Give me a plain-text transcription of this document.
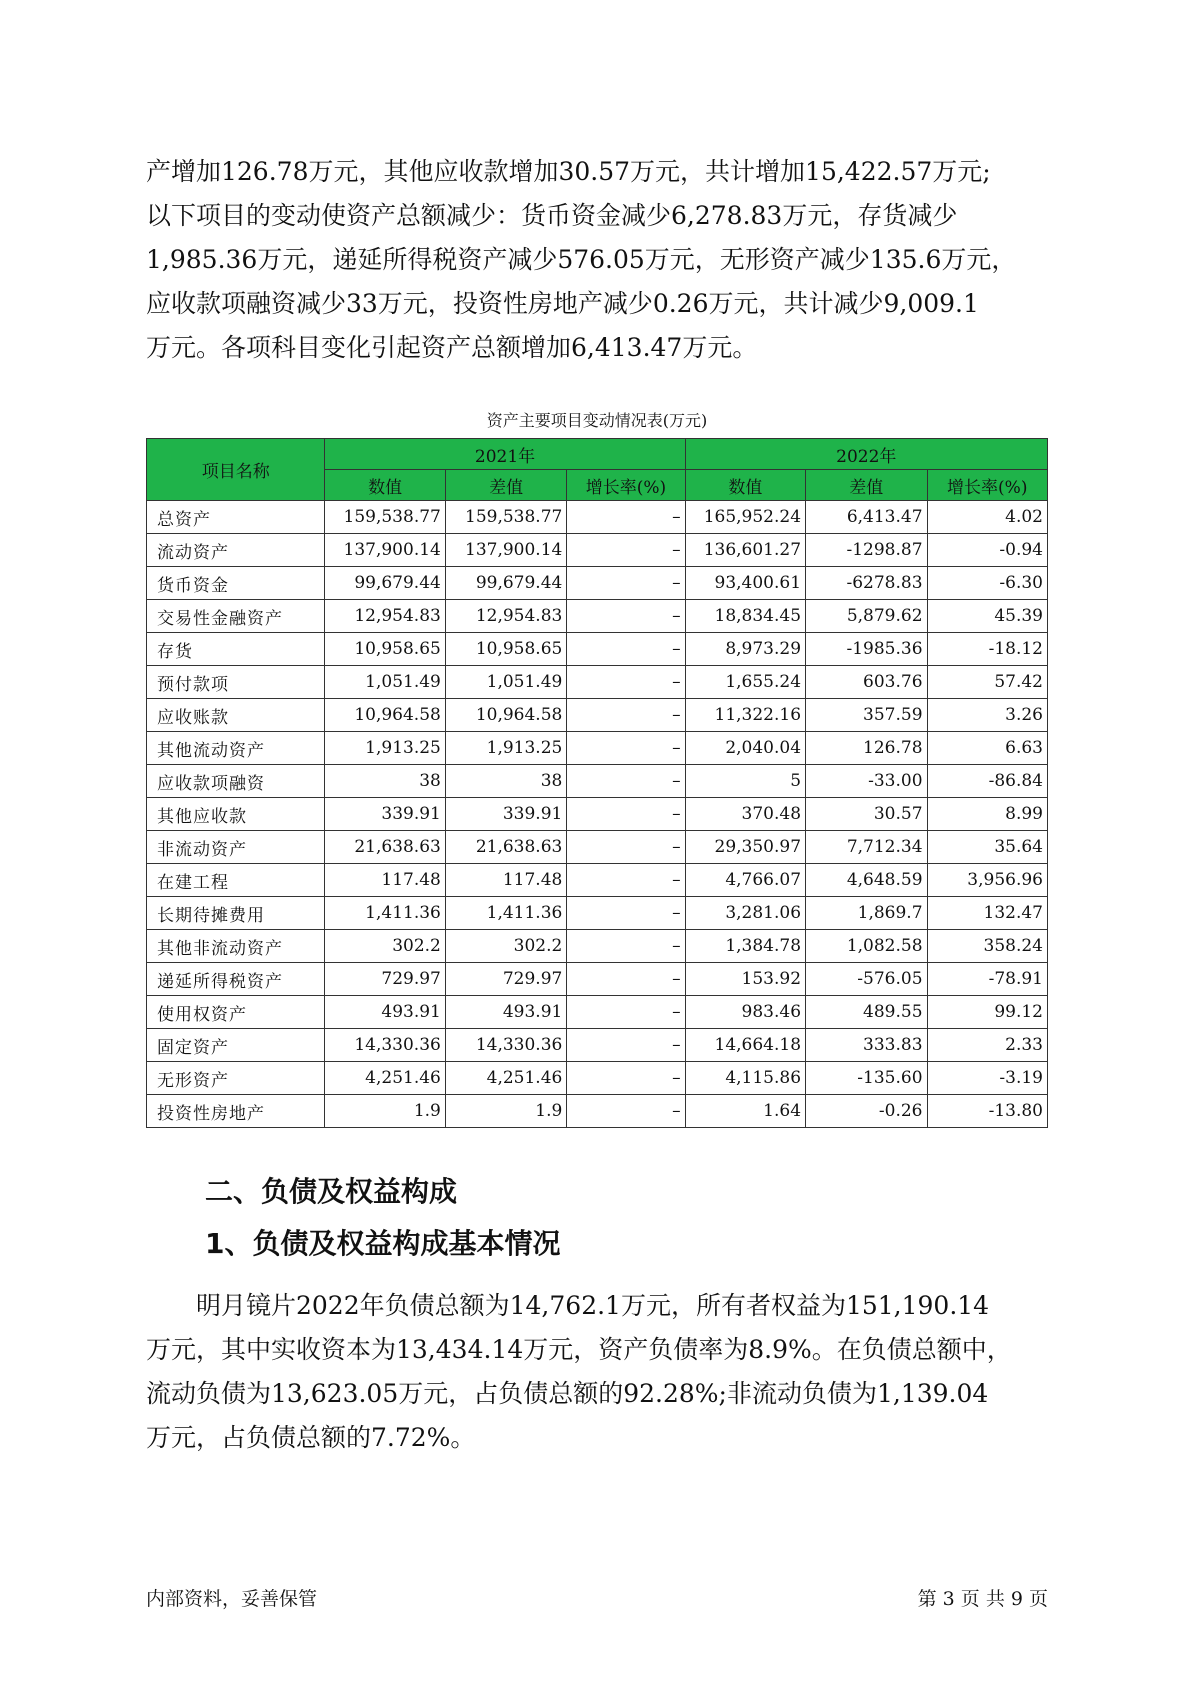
产增加126.78万元，其他应收款增加30.57万元，共计增加15,422.57万元;
以下项目的变动使资产总额减少：货币资金减少6,278.83万元，存货减少
1,985.36万元，递延所得税资产减少576.05万元，无形资产减少135.6万元，
应收款项融资减少33万元，投资性房地产减少0.26万元，共计减少9,009.1
万元。各项科目变化引起资产总额增加6,413.47万元。
资产主要项目变动情况表(万元)
项目名称	2021年			2022年		
	数值	差值	增长率(%)	数值	差值	增长率(%)
总资产	159,538.77	159,538.77	–	165,952.24	6,413.47	4.02
流动资产	137,900.14	137,900.14	–	136,601.27	-1298.87	-0.94
货币资金	99,679.44	99,679.44	–	93,400.61	-6278.83	-6.30
交易性金融资产	12,954.83	12,954.83	–	18,834.45	5,879.62	45.39
存货	10,958.65	10,958.65	–	8,973.29	-1985.36	-18.12
预付款项	1,051.49	1,051.49	–	1,655.24	603.76	57.42
应收账款	10,964.58	10,964.58	–	11,322.16	357.59	3.26
其他流动资产	1,913.25	1,913.25	–	2,040.04	126.78	6.63
应收款项融资	38	38	–	5	-33.00	-86.84
其他应收款	339.91	339.91	–	370.48	30.57	8.99
非流动资产	21,638.63	21,638.63	–	29,350.97	7,712.34	35.64
在建工程	117.48	117.48	–	4,766.07	4,648.59	3,956.96
长期待摊费用	1,411.36	1,411.36	–	3,281.06	1,869.7	132.47
其他非流动资产	302.2	302.2	–	1,384.78	1,082.58	358.24
递延所得税资产	729.97	729.97	–	153.92	-576.05	-78.91
使用权资产	493.91	493.91	–	983.46	489.55	99.12
固定资产	14,330.36	14,330.36	–	14,664.18	333.83	2.33
无形资产	4,251.46	4,251.46	–	4,115.86	-135.60	-3.19
投资性房地产	1.9	1.9	–	1.64	-0.26	-13.80
二、负债及权益构成
1、负债及权益构成基本情况
　　明月镜片2022年负债总额为14,762.1万元，所有者权益为151,190.14
万元，其中实收资本为13,434.14万元，资产负债率为8.9%。在负债总额中，
流动负债为13,623.05万元，占负债总额的92.28%;非流动负债为1,139.04
万元，占负债总额的7.72%。
内部资料，妥善保管	第 3 页 共 9 页
